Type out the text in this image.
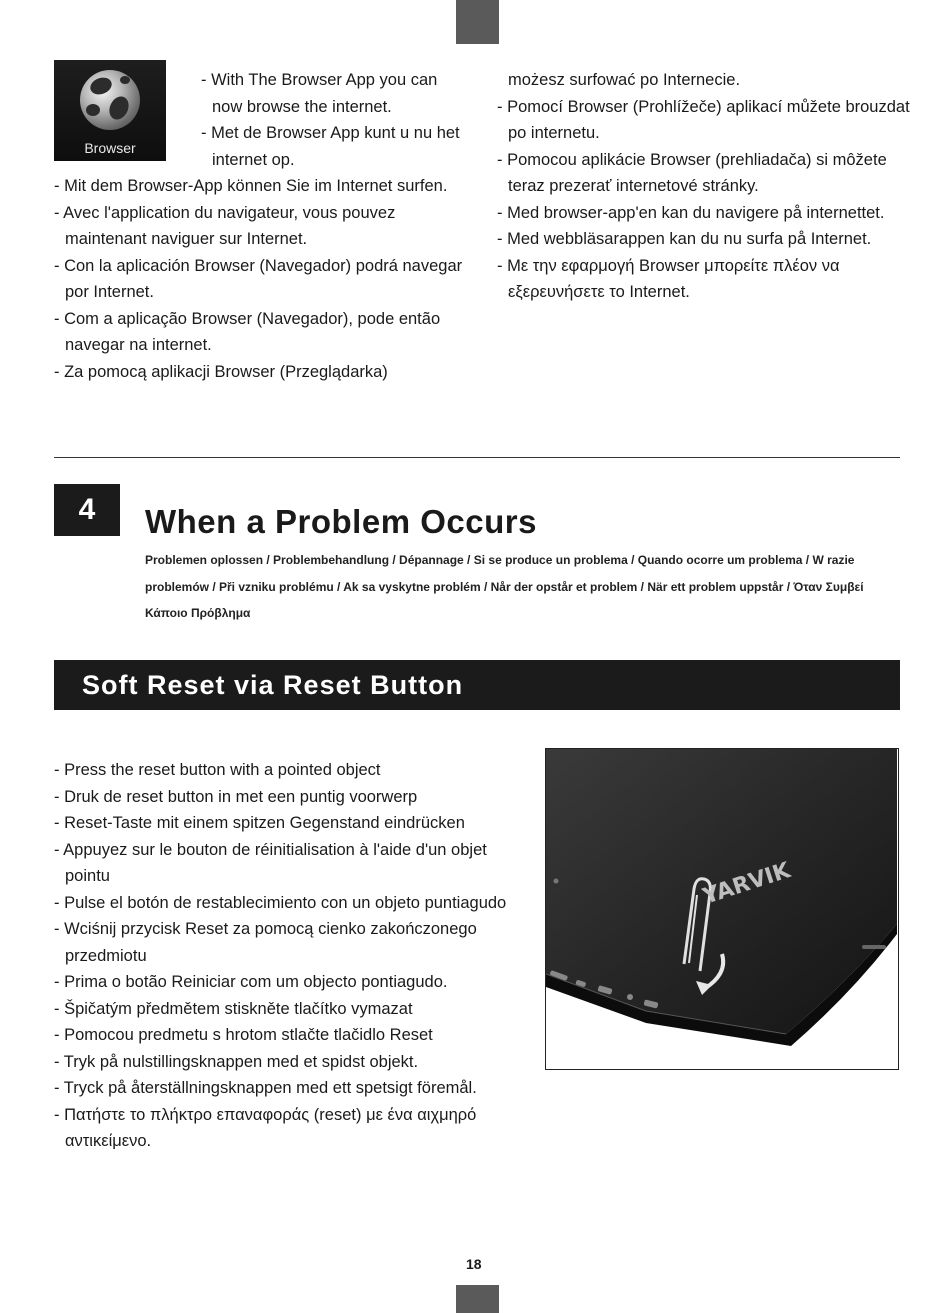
Browser
- With The Browser App you can now browse the internet.
- Met de Browser App kunt u nu het internet op.
- Mit dem Browser-App können Sie im Internet surfen.
- Avec l'application du navigateur, vous pouvez maintenant naviguer sur Internet.
- Con la aplicación Browser (Navegador) podrá navegar por Internet.
- Com a aplicação Browser (Navegador), pode então navegar na internet.
- Za pomocą aplikacji Browser (Przeglądarka)
możesz surfować po Internecie.
- Pomocí Browser (Prohlížeče) aplikací můžete brouzdat po internetu.
- Pomocou aplikácie Browser (prehliadača) si môžete teraz prezerať internetové stránky.
- Med browser-app'en kan du navigere på internettet.
- Med webbläsarappen kan du nu surfa på Internet.
- Με την εφαρμογή Browser μπορείτε πλέον να εξερευνήσετε το Internet.
4	When a Problem Occurs

Problemen oplossen / Problembehandlung / Dépannage / Si se produce un problema / Quando ocorre um problema / W razie problemów / Při vzniku problému / Ak sa vyskytne problém / Når der opstår et problem / När ett problem uppstår / Όταν Συμβεί Κάποιο Πρόβλημα

Soft Reset via Reset Button
- Press the reset button with a pointed object
- Druk de reset button in met een puntig voorwerp
- Reset-Taste mit einem spitzen Gegenstand eindrücken
- Appuyez sur le bouton de réinitialisation à l'aide d'un objet pointu
- Pulse el botón de restablecimiento con un objeto puntiagudo
- Wciśnij przycisk Reset za pomocą cienko zakończonego przedmiotu
- Prima o botão Reiniciar com um objecto pontiagudo.
- Špičatým předmětem stiskněte tlačítko vymazat
- Pomocou predmetu s hrotom stlačte tlačidlo Reset
- Tryk på nulstillingsknappen med et spidst objekt.
- Tryck på återställningsknappen med ett spetsigt föremål.
- Πατήστε το πλήκτρο επαναφοράς (reset) με ένα αιχμηρό αντικείμενο.
YARVIK
18
